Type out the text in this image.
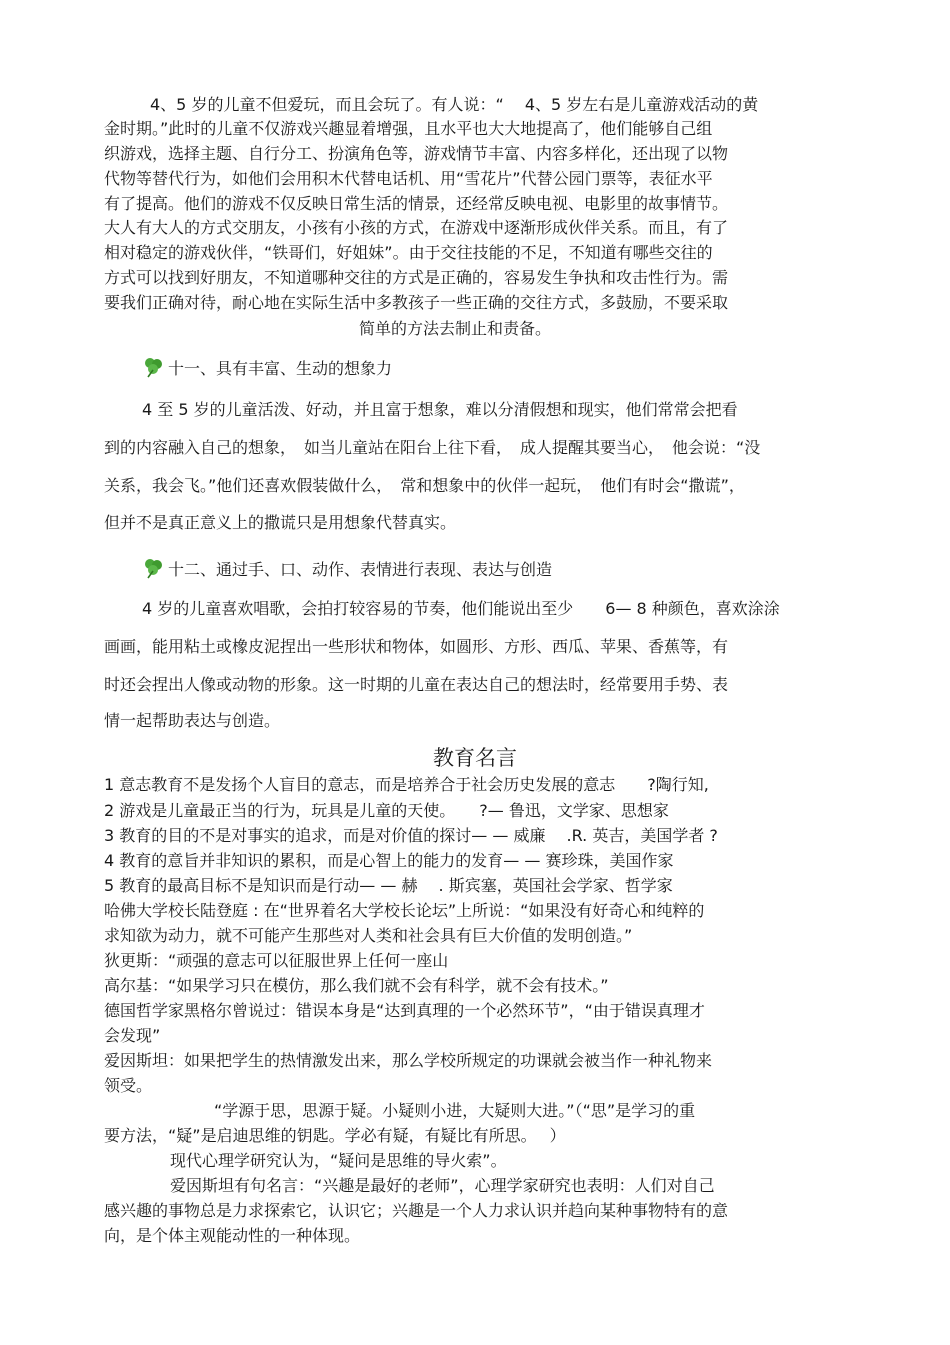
4、5 岁的儿童不但爱玩，而且会玩了。有人说：“　 4、5 岁左右是儿童游戏活动的黄
金时期。”此时的儿童不仅游戏兴趣显着增强，且水平也大大地提高了，他们能够自己组
织游戏，选择主题、自行分工、扮演角色等，游戏情节丰富、内容多样化，还出现了以物
代物等替代行为，如他们会用积木代替电话机、用“雪花片”代替公园门票等，表征水平
有了提高。他们的游戏不仅反映日常生活的情景，还经常反映电视、电影里的故事情节。
大人有大人的方式交朋友，小孩有小孩的方式，在游戏中逐渐形成伙伴关系。而且，有了
相对稳定的游戏伙伴，“铁哥们，好姐妹”。由于交往技能的不足，不知道有哪些交往的
方式可以找到好朋友，不知道哪种交往的方式是正确的，容易发生争执和攻击性行为。需
要我们正确对待，耐心地在实际生活中多教孩子一些正确的交往方式，多鼓励，不要采取
简单的方法去制止和责备。
十一、具有丰富、生动的想象力
4 至 5 岁的儿童活泼、好动，并且富于想象，难以分清假想和现实，他们常常会把看
到的内容融入自己的想象，　如当儿童站在阳台上往下看，　成人提醒其要当心，　他会说：“没
关系，我会飞。”他们还喜欢假装做什么，　常和想象中的伙伴一起玩，　他们有时会“撒谎”，
但并不是真正意义上的撒谎只是用想象代替真实。
十二、通过手、口、动作、表情进行表现、表达与创造
4 岁的儿童喜欢唱歌，会拍打较容易的节奏，他们能说出至少　　6— 8 种颜色，喜欢涂涂
画画，能用粘土或橡皮泥捏出一些形状和物体，如圆形、方形、西瓜、苹果、香蕉等，有
时还会捏出人像或动物的形象。这一时期的儿童在表达自己的想法时，经常要用手势、表
情一起帮助表达与创造。
教育名言
1 意志教育不是发扬个人盲目的意志，而是培养合于社会历史发展的意志　　?陶行知,
2 游戏是儿童最正当的行为，玩具是儿童的天使。　　?— 鲁迅，文学家、思想家
3 教育的目的不是对事实的追求，而是对价值的探讨— — 威廉　 .R. 英吉，美国学者 ?
4 教育的意旨并非知识的累积，而是心智上的能力的发育— — 赛珍珠，美国作家
5 教育的最高目标不是知识而是行动— — 赫　 . 斯宾塞，英国社会学家、哲学家
哈佛大学校长陆登庭 : 在“世界着名大学校长论坛”上所说：“如果没有好奇心和纯粹的
求知欲为动力，就不可能产生那些对人类和社会具有巨大价值的发明创造。”
狄更斯：“顽强的意志可以征服世界上任何一座山
高尔基：“如果学习只在模仿，那么我们就不会有科学，就不会有技术。”
德国哲学家黑格尔曾说过：错误本身是“达到真理的一个必然环节”，“由于错误真理才
会发现”
爱因斯坦：如果把学生的热情激发出来，那么学校所规定的功课就会被当作一种礼物来
领受。
“学源于思，思源于疑。小疑则小进，大疑则大进。”（“思”是学习的重
要方法，“疑”是启迪思维的钥匙。学必有疑，有疑比有所思。　 ）
现代心理学研究认为，“疑问是思维的导火索”。
爱因斯坦有句名言：“兴趣是最好的老师”，心理学家研究也表明：人们对自己
感兴趣的事物总是力求探索它，认识它；兴趣是一个人力求认识并趋向某种事物特有的意
向，是个体主观能动性的一种体现。
